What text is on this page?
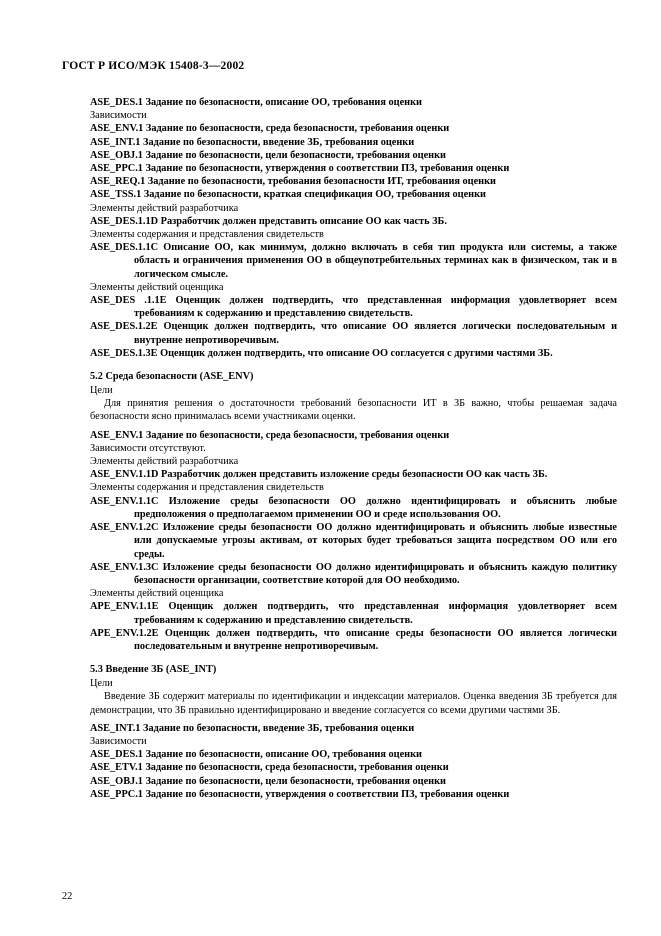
ГОСТ Р ИСО/МЭК 15408-3—2002

ASE_DES.1 Задание по безопасности, описание ОО, требования оценки

Зависимости

ASE_ENV.1 Задание по безопасности, среда безопасности, требования оценки

ASE_INT.1 Задание по безопасности, введение ЗБ, требования оценки

ASE_OBJ.1 Задание по безопасности, цели безопасности, требования оценки

ASE_PPC.1 Задание по безопасности, утверждения о соответствии ПЗ, требования оценки

ASE_REQ.1 Задание по безопасности, требования безопасности ИТ, требования оценки

ASE_TSS.1 Задание по безопасности, краткая спецификация ОО, требования оценки

Элементы действий разработчика

ASE_DES.1.1D Разработчик должен представить описание ОО как часть ЗБ.

Элементы содержания и представления свидетельств

ASE_DES.1.1C Описание ОО, как минимум, должно включать в себя тип продукта или системы, а также область и ограничения применения ОО в общеупотребительных терминах как в физическом, так и в логическом смысле.

Элементы действий оценщика

ASE_DES .1.1E Оценщик должен подтвердить, что представленная информация удовлетворяет всем требованиям к содержанию и представлению свидетельств.

ASE_DES.1.2E Оценщик должен подтвердить, что описание ОО является логически последовательным и внутренне непротиворечивым.

ASE_DES.1.3E Оценщик должен подтвердить, что описание ОО согласуется с другими частями ЗБ.

5.2 Среда безопасности (ASE_ENV)

Цели

Для принятия решения о достаточности требований безопасности ИТ в ЗБ важно, чтобы решаемая задача безопасности ясно принималась всеми участниками оценки.

ASE_ENV.1 Задание по безопасности, среда безопасности, требования оценки

Зависимости отсутствуют.

Элементы действий разработчика

ASE_ENV.1.1D Разработчик должен представить изложение среды безопасности ОО как часть ЗБ.

Элементы содержания и представления свидетельств

ASE_ENV.1.1C Изложение среды безопасности ОО должно идентифицировать и объяснить любые предположения о предполагаемом применении ОО и среде использования ОО.

ASE_ENV.1.2C Изложение среды безопасности ОО должно идентифицировать и объяснить любые известные или допускаемые угрозы активам, от которых будет требоваться защита посредством ОО или его среды.

ASE_ENV.1.3С Изложение среды безопасности ОО должно идентифицировать и объяснить каждую политику безопасности организации, соответствие которой для ОО необходимо.

Элементы действий оценщика

APE_ENV.1.1E Оценщик должен подтвердить, что представленная информация удовлетворяет всем требованиям к содержанию и представлению свидетельств.

APE_ENV.1.2E Оценщик должен подтвердить, что описание среды безопасности ОО является логически последовательным и внутренне непротиворечивым.

5.3 Введение ЗБ (ASE_INT)

Цели

Введение ЗБ содержит материалы по идентификации и индексации материалов. Оценка введения ЗБ требуется для демонстрации, что ЗБ правильно идентифицировано и введение согласуется со всеми другими частями ЗБ.

ASE_INT.1 Задание по безопасности, введение ЗБ, требования оценки

Зависимости

ASE_DES.1 Задание по безопасности, описание ОО, требования оценки

ASE_ETV.1 Задание по безопасности, среда безопасности, требования оценки

ASE_OBJ.1 Задание по безопасности, цели безопасности, требования оценки

ASE_PPC.1 Задание по безопасности, утверждения о соответствии ПЗ, требования оценки

22
